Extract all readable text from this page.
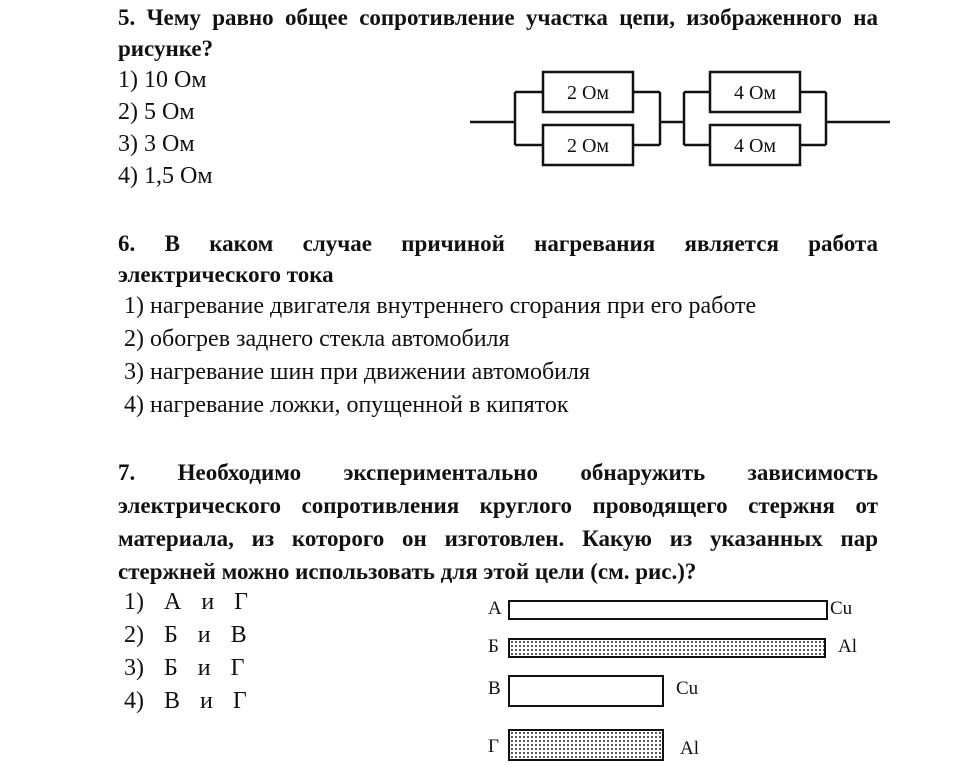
5. Чему равно общее сопротивление участка цепи, изображенного на рисунке?
1) 10 Ом
2) 5 Ом
3) 3 Ом
4) 1,5 Ом
2 Ом
2 Ом
4 Ом
4 Ом
6. В каком случае причиной нагревания является работа электрического тока
1) нагревание двигателя внутреннего сгорания при его работе
2) обогрев заднего стекла автомобиля
3) нагревание шин при движении автомобиля
4) нагревание ложки, опущенной в кипяток
7. Необходимо экспериментально обнаружить зависимость электрического сопротивления круглого проводящего стержня от материала, из которого он изготовлен. Какую из указанных пар стержней можно использовать для этой цели (см. рис.)?
1) А и Г
2) Б и В
3) Б и Г
4) В и Г
А	Cu
Б	Al
В	Cu
Г	Al
